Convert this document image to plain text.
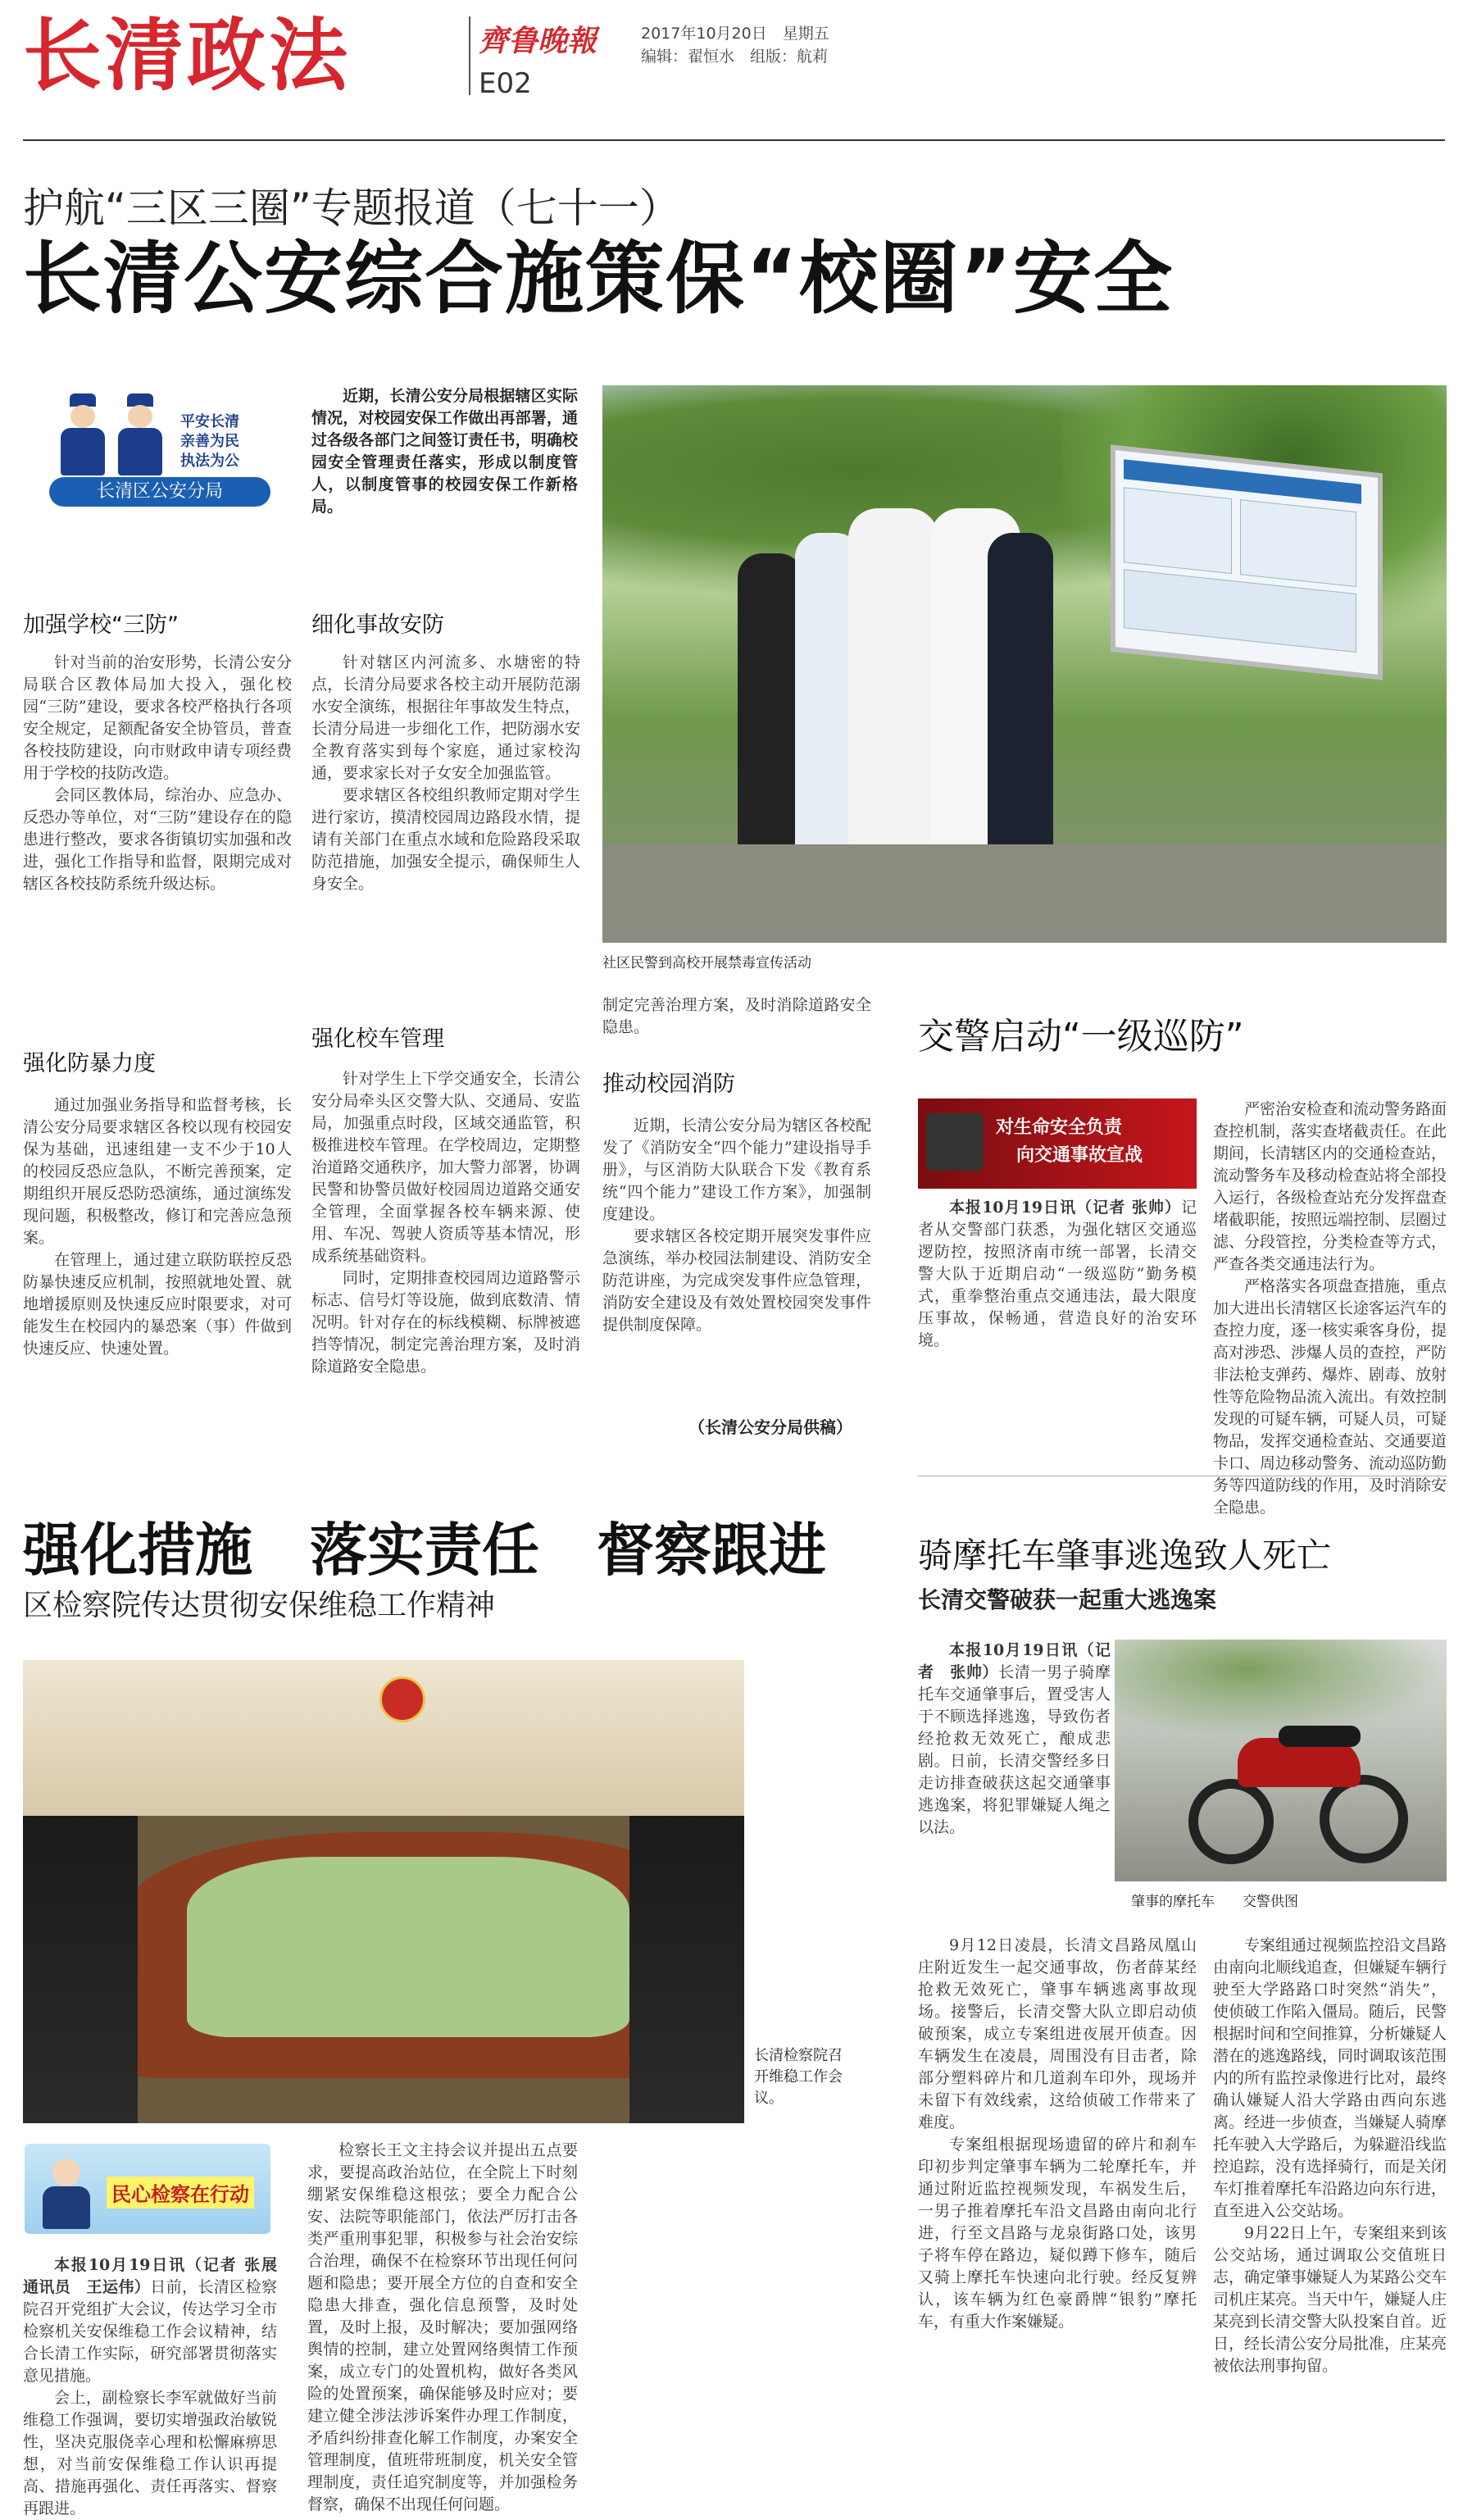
长清政法	齊鲁晚報	2017年10月20日　星期五
编辑：翟恒水　组版：航莉
E02
护航“三区三圈”专题报道（七十一）
长清公安综合施策保“校圈”安全
平安长清
亲善为民
执法为公
长清区公安分局

近期，长清公安分局根据辖区实际情况，对校园安保工作做出再部署，通过各级各部门之间签订责任书，明确校园安全管理责任落实，形成以制度管人，以制度管事的校园安保工作新格局。

加强学校“三防”

针对当前的治安形势，长清公安分局联合区教体局加大投入，强化校园“三防”建设，要求各校严格执行各项安全规定，足额配备安全协管员，普查各校技防建设，向市财政申请专项经费用于学校的技防改造。

会同区教体局，综治办、应急办、反恐办等单位，对“三防”建设存在的隐患进行整改，要求各街镇切实加强和改进，强化工作指导和监督，限期完成对辖区各校技防系统升级达标。

强化防暴力度

通过加强业务指导和监督考核，长清公安分局要求辖区各校以现有校园安保为基础，迅速组建一支不少于10人的校园反恐应急队，不断完善预案，定期组织开展反恐防恐演练，通过演练发现问题，积极整改，修订和完善应急预案。

在管理上，通过建立联防联控反恐防暴快速反应机制，按照就地处置、就地增援原则及快速反应时限要求，对可能发生在校园内的暴恐案（事）件做到快速反应、快速处置。

细化事故安防

针对辖区内河流多、水塘密的特点，长清分局要求各校主动开展防范溺水安全演练，根据往年事故发生特点，长清分局进一步细化工作，把防溺水安全教育落实到每个家庭，通过家校沟通，要求家长对子女安全加强监管。

要求辖区各校组织教师定期对学生进行家访，摸清校园周边路段水情，提请有关部门在重点水域和危险路段采取防范措施，加强安全提示，确保师生人身安全。

强化校车管理

针对学生上下学交通安全，长清公安分局牵头区交警大队、交通局、安监局，加强重点时段，区域交通监管，积极推进校车管理。在学校周边，定期整治道路交通秩序，加大警力部署，协调民警和协警员做好校园周边道路交通安全管理，全面掌握各校车辆来源、使用、车况、驾驶人资质等基本情况，形成系统基础资料。

同时，定期排查校园周边道路警示标志、信号灯等设施，做到底数清、情况明。针对存在的标线模糊、标牌被遮挡等情况，制定完善治理方案，及时消除道路安全隐患。

社区民警到高校开展禁毒宣传活动

制定完善治理方案，及时消除道路安全隐患。

推动校园消防

近期，长清公安分局为辖区各校配发了《消防安全“四个能力”建设指导手册》，与区消防大队联合下发《教育系统“四个能力”建设工作方案》，加强制度建设。

要求辖区各校定期开展突发事件应急演练，举办校园法制建设、消防安全防范讲座，为完成突发事件应急管理，消防安全建设及有效处置校园突发事件提供制度保障。

（长清公安分局供稿）
交警启动“一级巡防”
对生命安全负责
向交通事故宣战

本报10月19日讯（记者 张帅）记者从交警部门获悉，为强化辖区交通巡逻防控，按照济南市统一部署，长清交警大队于近期启动“一级巡防”勤务模式，重拳整治重点交通违法，最大限度压事故，保畅通，营造良好的治安环境。

严密治安检查和流动警务路面查控机制，落实查堵截责任。在此期间，长清辖区内的交通检查站，流动警务车及移动检查站将全部投入运行，各级检查站充分发挥盘查堵截职能，按照远端控制、层圈过滤、分段管控，分类检查等方式，严查各类交通违法行为。

严格落实各项盘查措施，重点加大进出长清辖区长途客运汽车的查控力度，逐一核实乘客身份，提高对涉恐、涉爆人员的查控，严防非法枪支弹药、爆炸、剧毒、放射性等危险物品流入流出。有效控制发现的可疑车辆，可疑人员，可疑物品，发挥交通检查站、交通要道卡口、周边移动警务、流动巡防勤务等四道防线的作用，及时消除安全隐患。

强化措施　落实责任　督察跟进
区检察院传达贯彻安保维稳工作精神
长清检察院召开维稳工作会议。
民心检察在行动

本报10月19日讯（记者 张展　通讯员　王运伟）日前，长清区检察院召开党组扩大会议，传达学习全市检察机关安保维稳工作会议精神，结合长清工作实际，研究部署贯彻落实意见措施。

会上，副检察长李军就做好当前维稳工作强调，要切实增强政治敏锐性，坚决克服侥幸心理和松懈麻痹思想，对当前安保维稳工作认识再提高、措施再强化、责任再落实、督察再跟进。

检察长王文主持会议并提出五点要求，要提高政治站位，在全院上下时刻绷紧安保维稳这根弦；要全力配合公安、法院等职能部门，依法严厉打击各类严重刑事犯罪，积极参与社会治安综合治理，确保不在检察环节出现任何问题和隐患；要开展全方位的自查和安全隐患大排查，强化信息预警，及时处置，及时上报，及时解决；要加强网络舆情的控制，建立处置网络舆情工作预案，成立专门的处置机构，做好各类风险的处置预案，确保能够及时应对；要建立健全涉法涉诉案件办理工作制度，矛盾纠纷排查化解工作制度，办案安全管理制度，值班带班制度，机关安全管理制度，责任追究制度等，并加强检务督察，确保不出现任何问题。

骑摩托车肇事逃逸致人死亡
长清交警破获一起重大逃逸案

本报10月19日讯（记者　张帅）长清一男子骑摩托车交通肇事后，置受害人于不顾选择逃逸，导致伤者经抢救无效死亡，酿成悲剧。日前，长清交警经多日走访排查破获这起交通肇事逃逸案，将犯罪嫌疑人绳之以法。

肇事的摩托车　　交警供图

9月12日凌晨，长清文昌路凤凰山庄附近发生一起交通事故，伤者薛某经抢救无效死亡，肇事车辆逃离事故现场。接警后，长清交警大队立即启动侦破预案，成立专案组进夜展开侦查。因车辆发生在凌晨，周围没有目击者，除部分塑料碎片和几道刹车印外，现场并未留下有效线索，这给侦破工作带来了难度。

专案组根据现场遗留的碎片和刹车印初步判定肇事车辆为二轮摩托车，并通过附近监控视频发现，车祸发生后，一男子推着摩托车沿文昌路由南向北行进，行至文昌路与龙泉街路口处，该男子将车停在路边，疑似蹲下修车，随后又骑上摩托车快速向北行驶。经反复辨认，该车辆为红色豪爵牌“银豹”摩托车，有重大作案嫌疑。

专案组通过视频监控沿文昌路由南向北顺线追查，但嫌疑车辆行驶至大学路路口时突然“消失”，使侦破工作陷入僵局。随后，民警根据时间和空间推算，分析嫌疑人潜在的逃逸路线，同时调取该范围内的所有监控录像进行比对，最终确认嫌疑人沿大学路由西向东逃离。经进一步侦查，当嫌疑人骑摩托车驶入大学路后，为躲避沿线监控追踪，没有选择骑行，而是关闭车灯推着摩托车沿路边向东行进，直至进入公交站场。

9月22日上午，专案组来到该公交站场，通过调取公交值班日志，确定肇事嫌疑人为某路公交车司机庄某亮。当天中午，嫌疑人庄某亮到长清交警大队投案自首。近日，经长清公安分局批准，庄某亮被依法刑事拘留。
